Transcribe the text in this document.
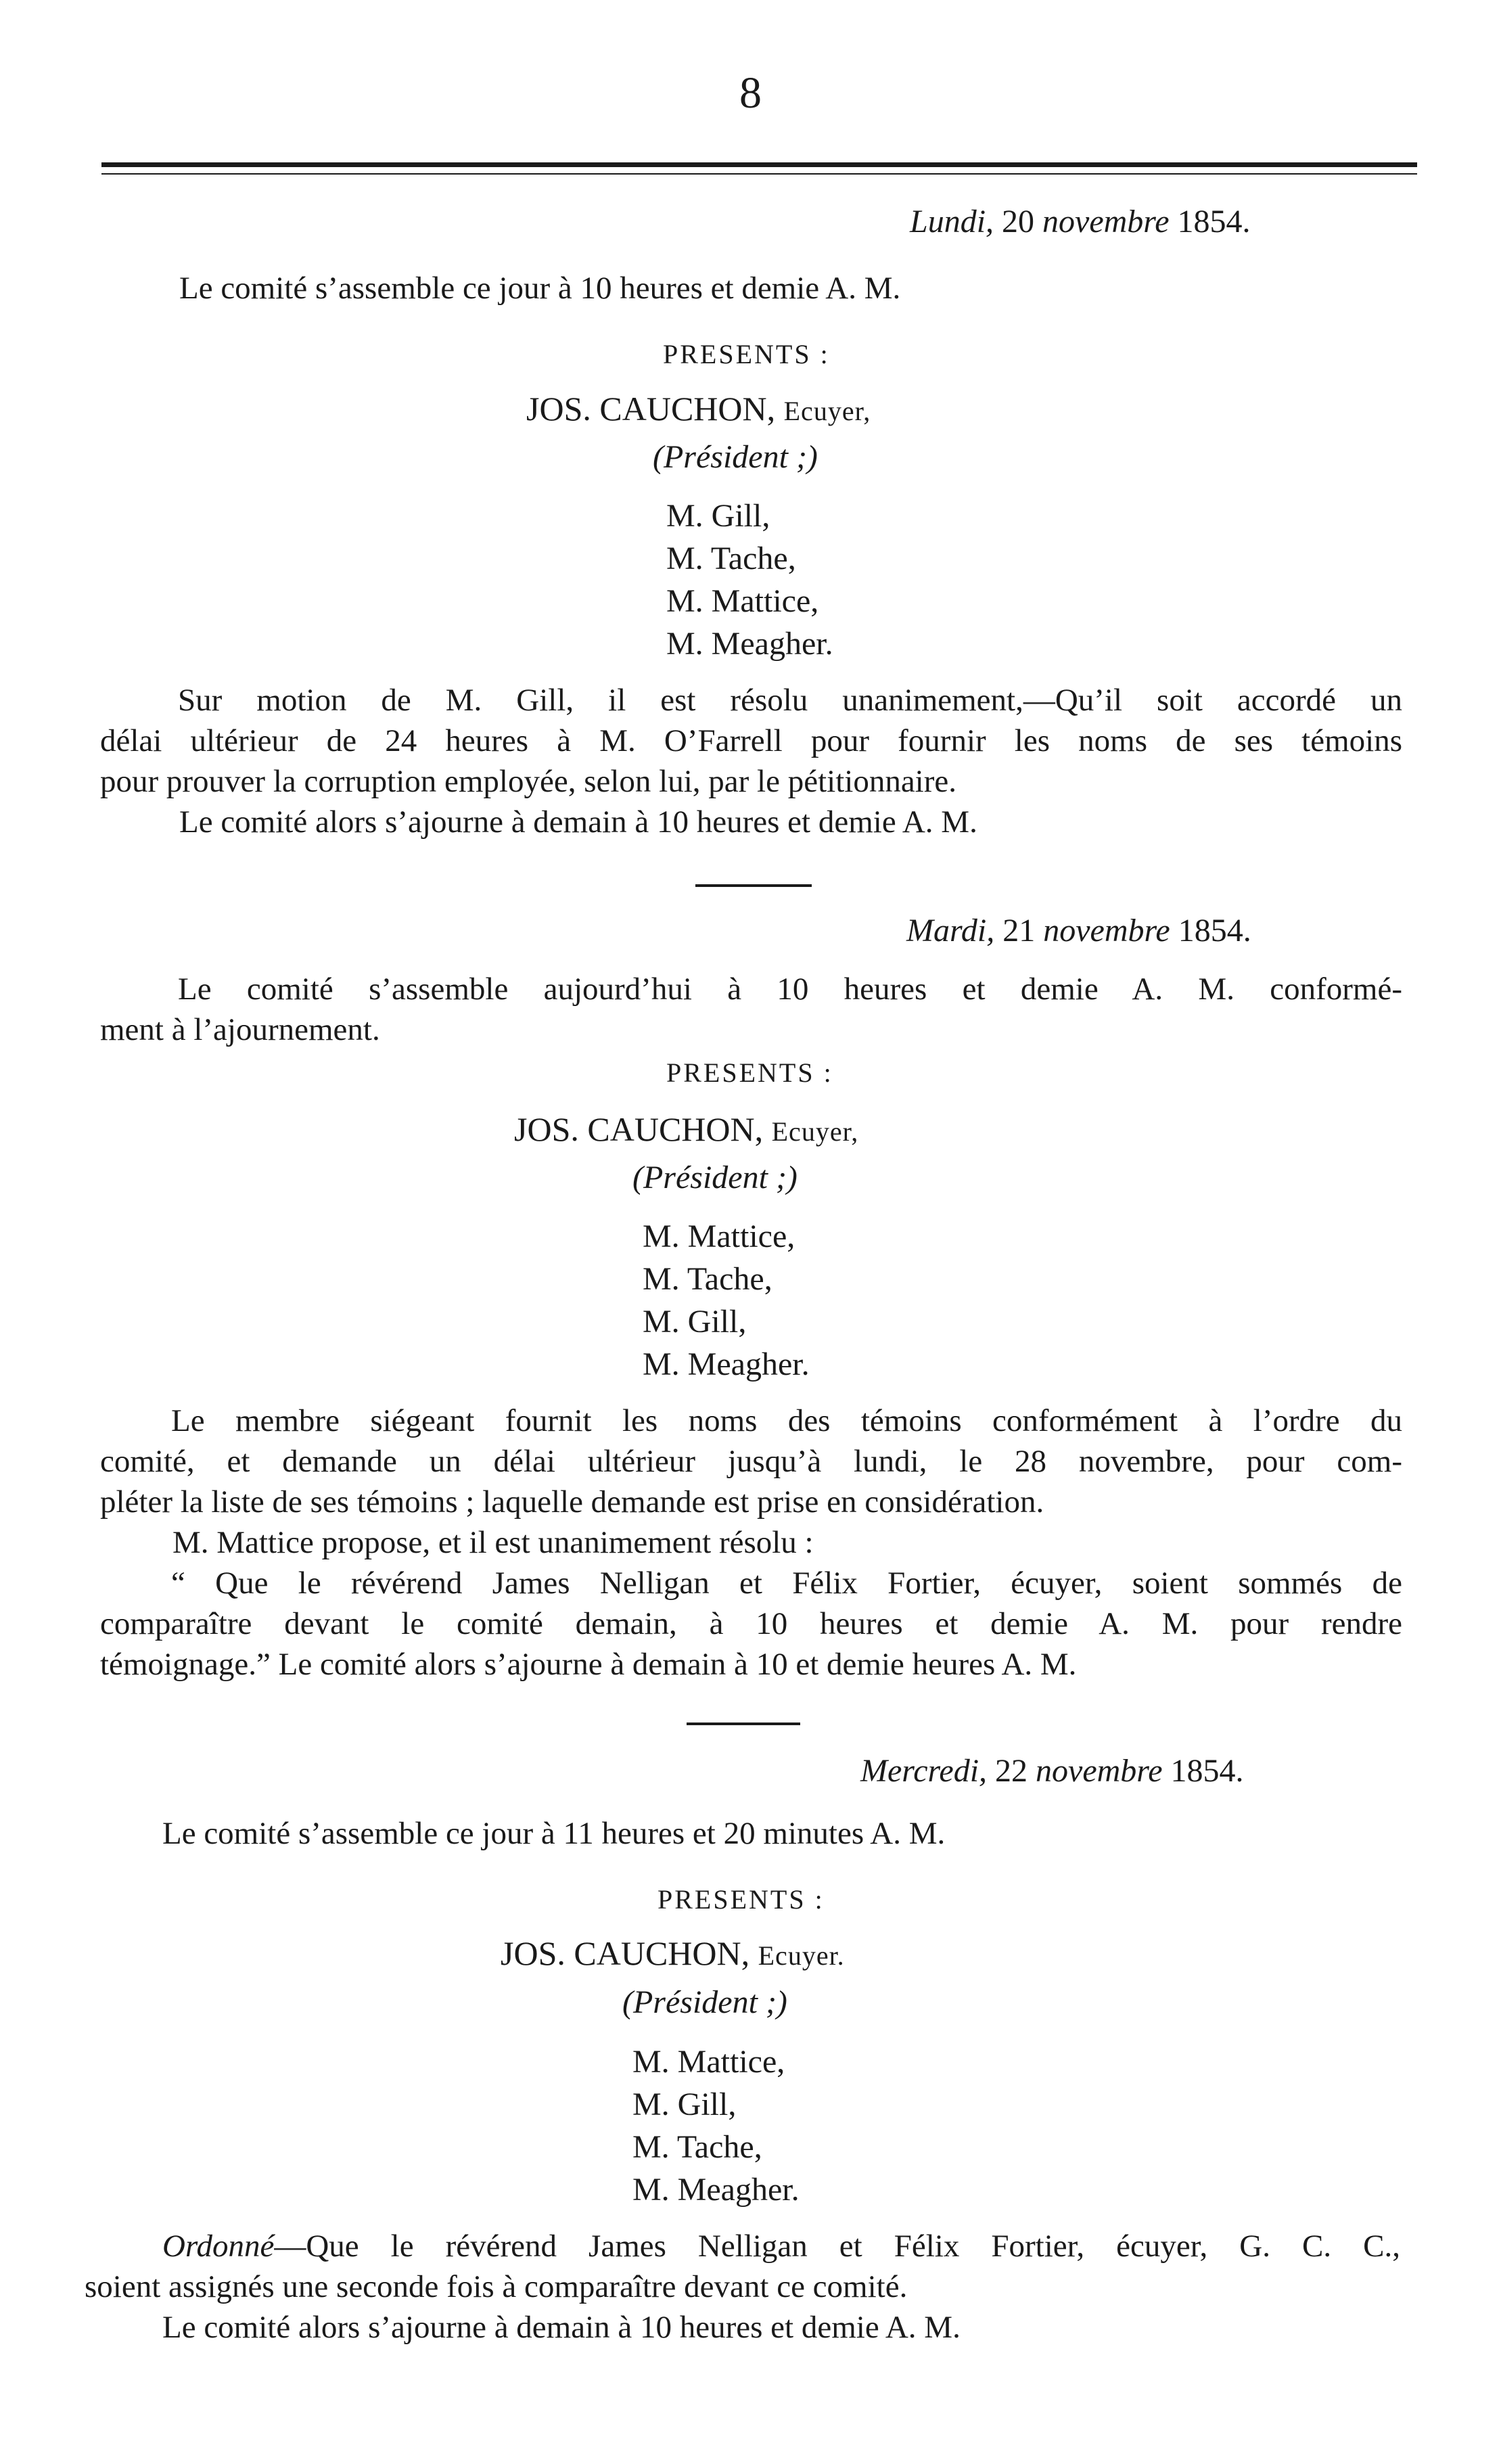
8
Lundi, 20 novembre 1854.
Le comité s’assemble ce jour à 10 heures et demie A. M.
PRESENTS :
JOS. CAUCHON, Ecuyer,
(Président ;)
M. Gill,
M. Tache,
M. Mattice,
M. Meagher.
Sur motion de M. Gill, il est résolu unanimement,—Qu’il soit accordé un
délai ultérieur de 24 heures à M. O’Farrell pour fournir les noms de ses témoins
pour prouver la corruption employée, selon lui, par le pétitionnaire.
Le comité alors s’ajourne à demain à 10 heures et demie A. M.
Mardi, 21 novembre 1854.
Le comité s’assemble aujourd’hui à 10 heures et demie A. M. conformé-
ment à l’ajournement.
PRESENTS :
JOS. CAUCHON, Ecuyer,
(Président ;)
M. Mattice,
M. Tache,
M. Gill,
M. Meagher.
Le membre siégeant fournit les noms des témoins conformément à l’ordre du
comité, et demande un délai ultérieur jusqu’à lundi, le 28 novembre, pour com-
pléter la liste de ses témoins ; laquelle demande est prise en considération.
M. Mattice propose, et il est unanimement résolu :
“ Que le révérend James Nelligan et Félix Fortier, écuyer, soient sommés de
comparaître devant le comité demain, à 10 heures et demie A. M. pour rendre
témoignage.” Le comité alors s’ajourne à demain à 10 et demie heures A. M.
Mercredi, 22 novembre 1854.
Le comité s’assemble ce jour à 11 heures et 20 minutes A. M.
PRESENTS :
JOS. CAUCHON, Ecuyer.
(Président ;)
M. Mattice,
M. Gill,
M. Tache,
M. Meagher.
Ordonné—Que le révérend James Nelligan et Félix Fortier, écuyer, G. C. C.,
soient assignés une seconde fois à comparaître devant ce comité.
Le comité alors s’ajourne à demain à 10 heures et demie A. M.
